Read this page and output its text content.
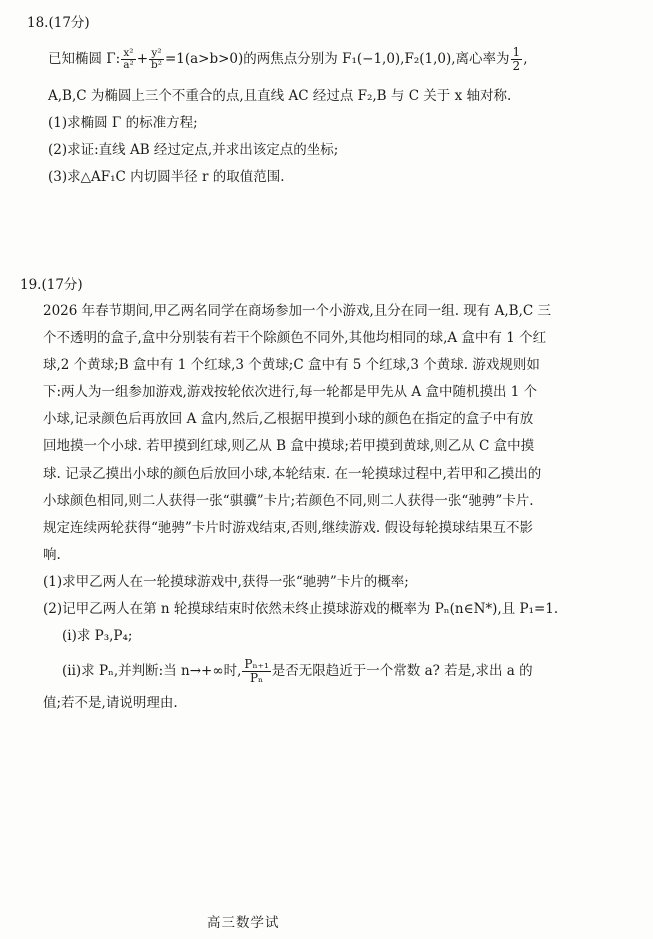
18.(17分)
已知椭圆 Γ: $\frac{\text{x²}}{\text{a²}} + \frac{\text{y²}}{\text{b²}} =1(a>b>0)$的两焦点分别为 F₁(−1,0),F₂(1,0),离心率为 $\frac{1}{2}$ ,
A,B,C 为椭圆上三个不重合的点,且直线 AC 经过点 F₂,B 与 C 关于 x 轴对称.
(1)求椭圆 Γ 的标准方程;
(2)求证:直线 AB 经过定点,并求出该定点的坐标;
(3)求△AF₁C 内切圆半径 r 的取值范围.
19.(17分)
2026 年春节期间,甲乙两名同学在商场参加一个小游戏,且分在同一组. 现有 A,B,C 三
个不透明的盒子,盒中分别装有若干个除颜色不同外,其他均相同的球,A 盒中有 1 个红
球,2 个黄球;B 盒中有 1 个红球,3 个黄球;C 盒中有 5 个红球,3 个黄球. 游戏规则如
下:两人为一组参加游戏,游戏按轮依次进行,每一轮都是甲先从 A 盒中随机摸出 1 个
小球,记录颜色后再放回 A 盒内,然后,乙根据甲摸到小球的颜色在指定的盒子中有放
回地摸一个小球. 若甲摸到红球,则乙从 B 盒中摸球;若甲摸到黄球,则乙从 C 盒中摸
球. 记录乙摸出小球的颜色后放回小球,本轮结束. 在一轮摸球过程中,若甲和乙摸出的
小球颜色相同,则二人获得一张“骐骥”卡片;若颜色不同,则二人获得一张“驰骋”卡片.
规定连续两轮获得“驰骋”卡片时游戏结束,否则,继续游戏. 假设每轮摸球结果互不影
响.
(1)求甲乙两人在一轮摸球游戏中,获得一张“驰骋”卡片的概率;
(2)记甲乙两人在第 n 轮摸球结束时依然未终止摸球游戏的概率为 Pₙ(n∈N*),且 P₁=1.
(i)求 P₃,P₄;
(ii)求 Pₙ,并判断:当 n→+∞时, $\frac{\text{Pₙ₊₁}}{\text{Pₙ}}$ 是否无限趋近于一个常数 a? 若是,求出 a 的
值;若不是,请说明理由.
高三数学试
